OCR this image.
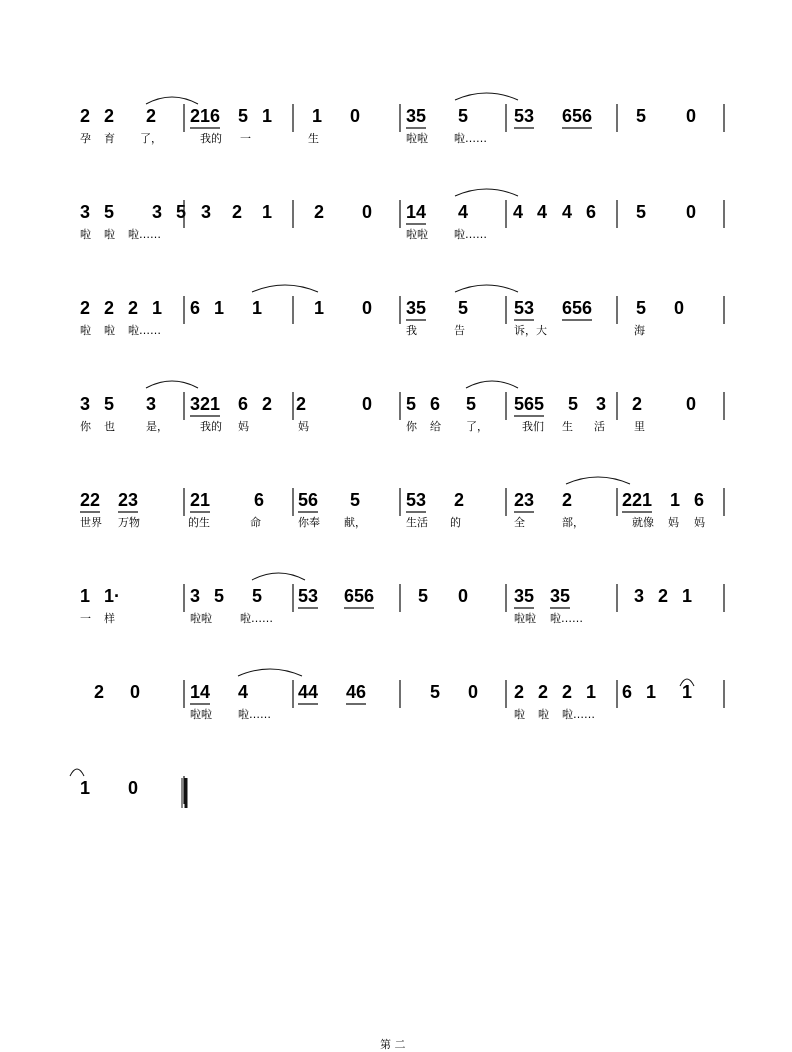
2 2 2
孕 育 了，
216 5 1
我的 一
1 0
生
35 5
啦啦 啦……
53 656 5 0
3 5 3 5
啦 啦 啦……
3 2 1 2 0 14 4
啦啦 啦……
4 4 4 6 5 0
2 2 2 1
啦 啦 啦……
6 1 1	1 0 35 5
我	告
53 656
诉，大
5 0
海
3 5 3
你 也	是，
321 6 2
我的 妈
2	0
妈
5 6 5
你 给 了，
565 5 3
我们 生 活
2 0
里
22 23
世界 万物
21 6
的生	命
56 5
你奉 献，
53 2
生活 的
23 2
全	部，
221 1 6
就像 妈 妈
1 1·
一 样
3 5 5
啦啦	啦……
53 656 5 0	35 35
啦啦 啦……
3 2 1
2 0	14 4
啦啦 啦……
44 46	5 0 2 2 2 1
啦 啦 啦……
6 1 1
1 0
第 二
